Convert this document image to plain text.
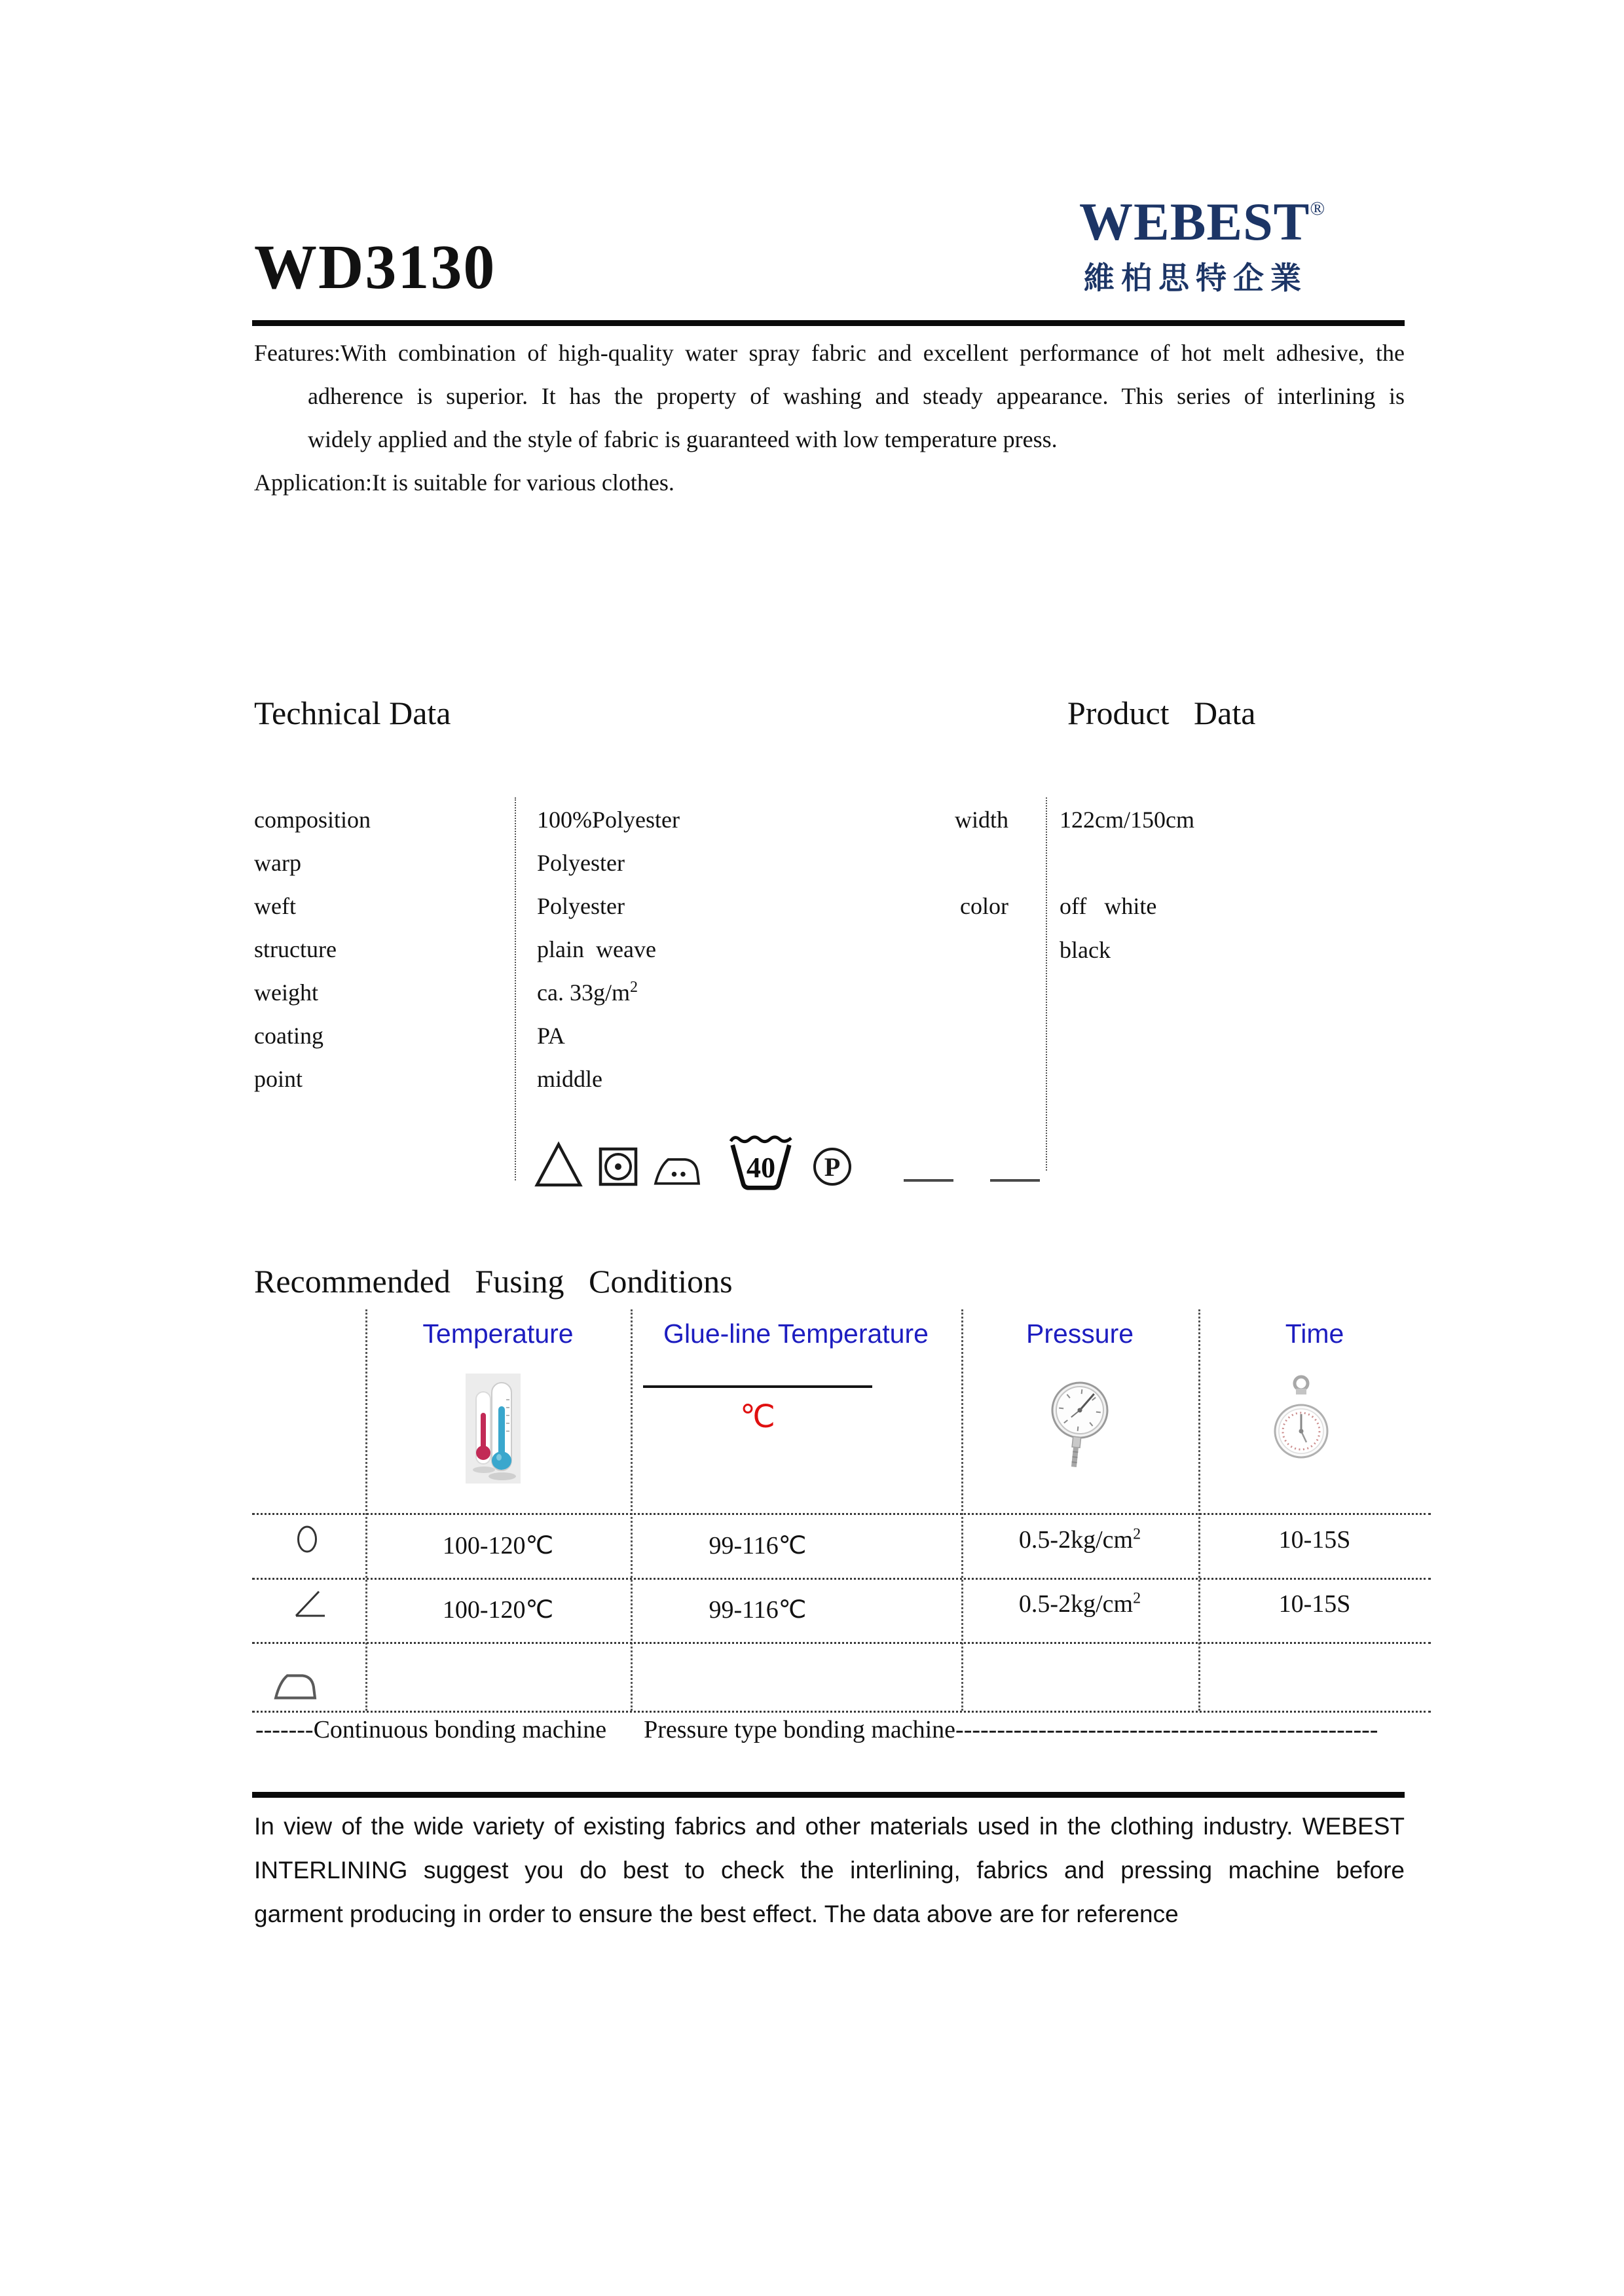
WD3130
WEBEST®
維柏思特企業
Features:With combination of high-quality water spray fabric and excellent performance of hot melt adhesive, the
adherence is superior. It has the property of washing and steady appearance. This series of interlining is
widely applied and the style of fabric is guaranteed with low temperature press.
Application:It is suitable for various clothes.
Technical Data	Product   Data
composition	100%Polyester
warp	Polyester
weft	Polyester
structure	plain  weave
weight	ca. $33g/m^2$
coating	PA
point	middle
width 122cm/150cm
color off   white
black
40 P
Recommended   Fusing   Conditions
Temperature	Glue-line Temperature	Pressure	Time
℃
100-120℃	99-116℃	$0.5-2kg/cm^2$	10-15S
100-120℃	99-116℃	$0.5-2kg/cm^2$	10-15S
-------Continuous bonding machine      Pressure type bonding machine---------------------------------------------------
In view of the wide variety of existing fabrics and other materials used in the clothing industry. WEBEST
INTERLINING suggest you do best to check the interlining, fabrics and pressing machine before
garment producing in order to ensure the best effect. The data above are for reference
